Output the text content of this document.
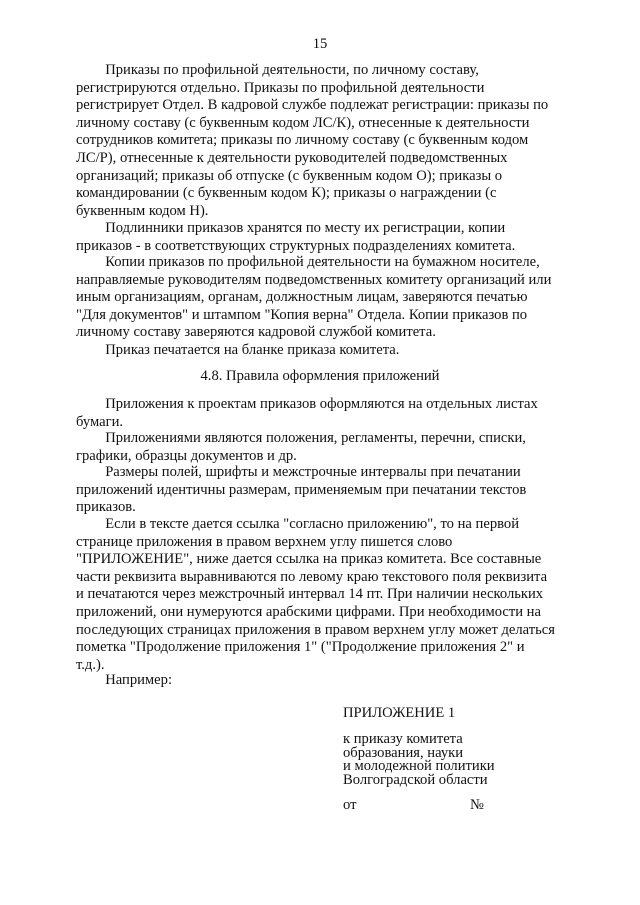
15

  Приказы по профильной деятельности, по личному составу,
регистрируются отдельно. Приказы по профильной деятельности
регистрирует Отдел. В кадровой службе подлежат регистрации: приказы по
личному составу (с буквенным кодом ЛС/К), отнесенные к деятельности
сотрудников комитета; приказы по личному составу (с буквенным кодом
ЛС/Р), отнесенные к деятельности руководителей подведомственных
организаций; приказы об отпуске (с буквенным кодом О); приказы о
командировании (с буквенным кодом К); приказы о награждении (с
буквенным кодом Н).

  Подлинники приказов хранятся по месту их регистрации, копии
приказов - в соответствующих структурных подразделениях комитета.

  Копии приказов по профильной деятельности на бумажном носителе,
направляемые руководителям подведомственных комитету организаций или
иным организациям, органам, должностным лицам, заверяются печатью
"Для документов" и штампом "Копия верна" Отдела. Копии приказов по
личному составу заверяются кадровой службой комитета.

  Приказ печатается на бланке приказа комитета.

4.8. Правила оформления приложений

  Приложения к проектам приказов оформляются на отдельных листах
бумаги.

  Приложениями являются положения, регламенты, перечни, списки,
графики, образцы документов и др.

  Размеры полей, шрифты и межстрочные интервалы при печатании
приложений идентичны размерам, применяемым при печатании текстов
приказов.

  Если в тексте дается ссылка "согласно приложению", то на первой
странице приложения в правом верхнем углу пишется слово
"ПРИЛОЖЕНИЕ", ниже дается ссылка на приказ комитета. Все составные
части реквизита выравниваются по левому краю текстового поля реквизита
и печатаются через межстрочный интервал 14 пт. При наличии нескольких
приложений, они нумеруются арабскими цифрами. При необходимости на
последующих страницах приложения в правом верхнем углу может делаться
пометка "Продолжение приложения 1" ("Продолжение приложения 2" и
т.д.).

  Например:

ПРИЛОЖЕНИЕ 1

к приказу комитета
образования, науки
и молодежной политики
Волгоградской области

от	№
